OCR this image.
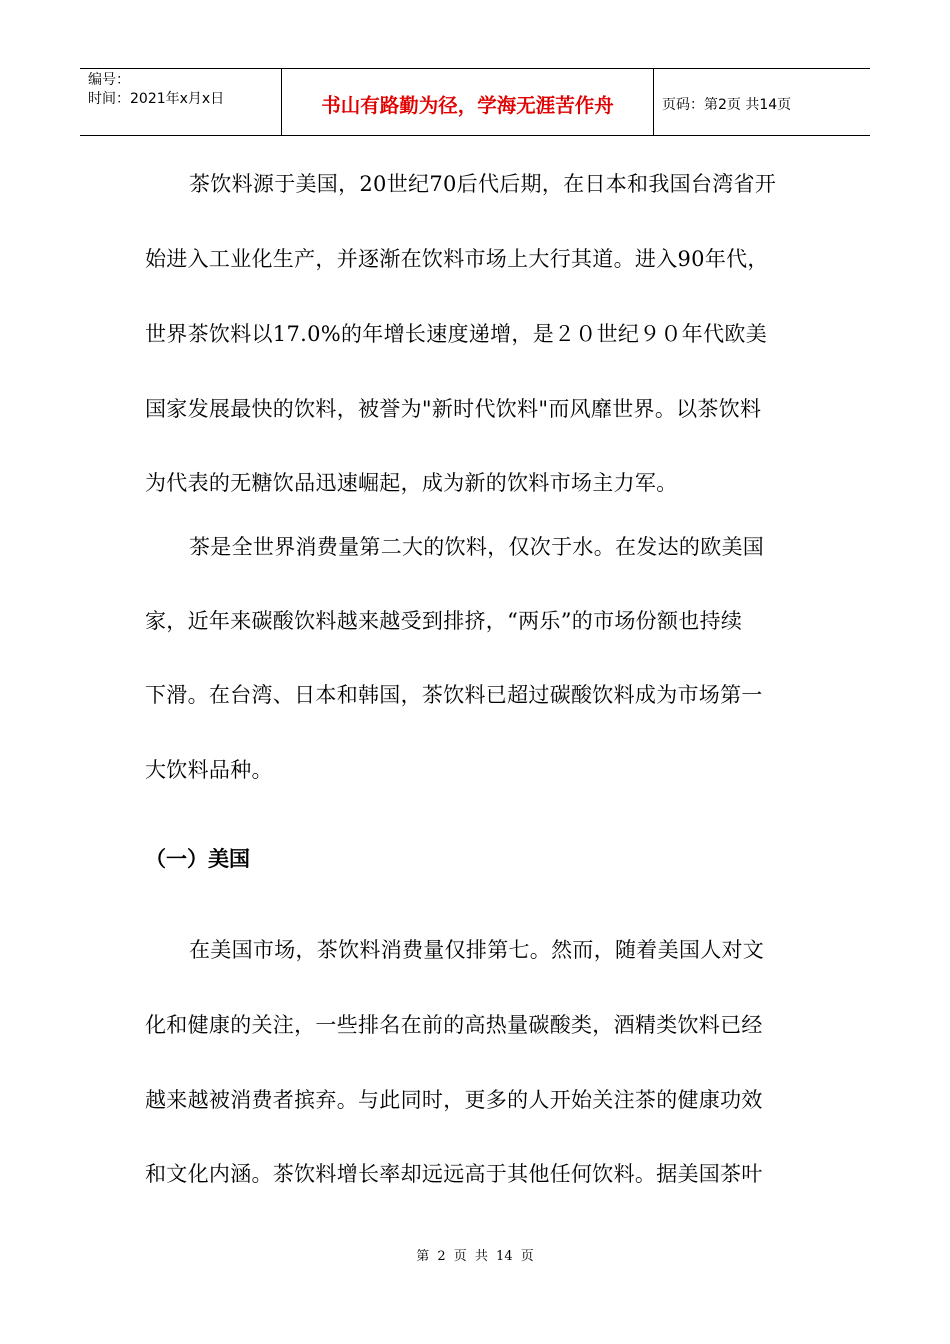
编号：
时间：2021年x月x日	书山有路勤为径，学海无涯苦作舟	页码：第2页 共14页
茶饮料源于美国，20世纪70后代后期，在日本和我国台湾省开
始进入工业化生产，并逐渐在饮料市场上大行其道。进入90年代，
世界茶饮料以17.0%的年增长速度递增，是２０世纪９０年代欧美
国家发展最快的饮料，被誉为"新时代饮料"而风靡世界。以茶饮料
为代表的无糖饮品迅速崛起，成为新的饮料市场主力军。
茶是全世界消费量第二大的饮料，仅次于水。在发达的欧美国
家，近年来碳酸饮料越来越受到排挤，“两乐”的市场份额也持续
下滑。在台湾、日本和韩国，茶饮料已超过碳酸饮料成为市场第一
大饮料品种。
（一）美国
在美国市场，茶饮料消费量仅排第七。然而，随着美国人对文
化和健康的关注，一些排名在前的高热量碳酸类，酒精类饮料已经
越来越被消费者摈弃。与此同时，更多的人开始关注茶的健康功效
和文化内涵。茶饮料增长率却远远高于其他任何饮料。据美国茶叶
第 2 页 共 14 页
